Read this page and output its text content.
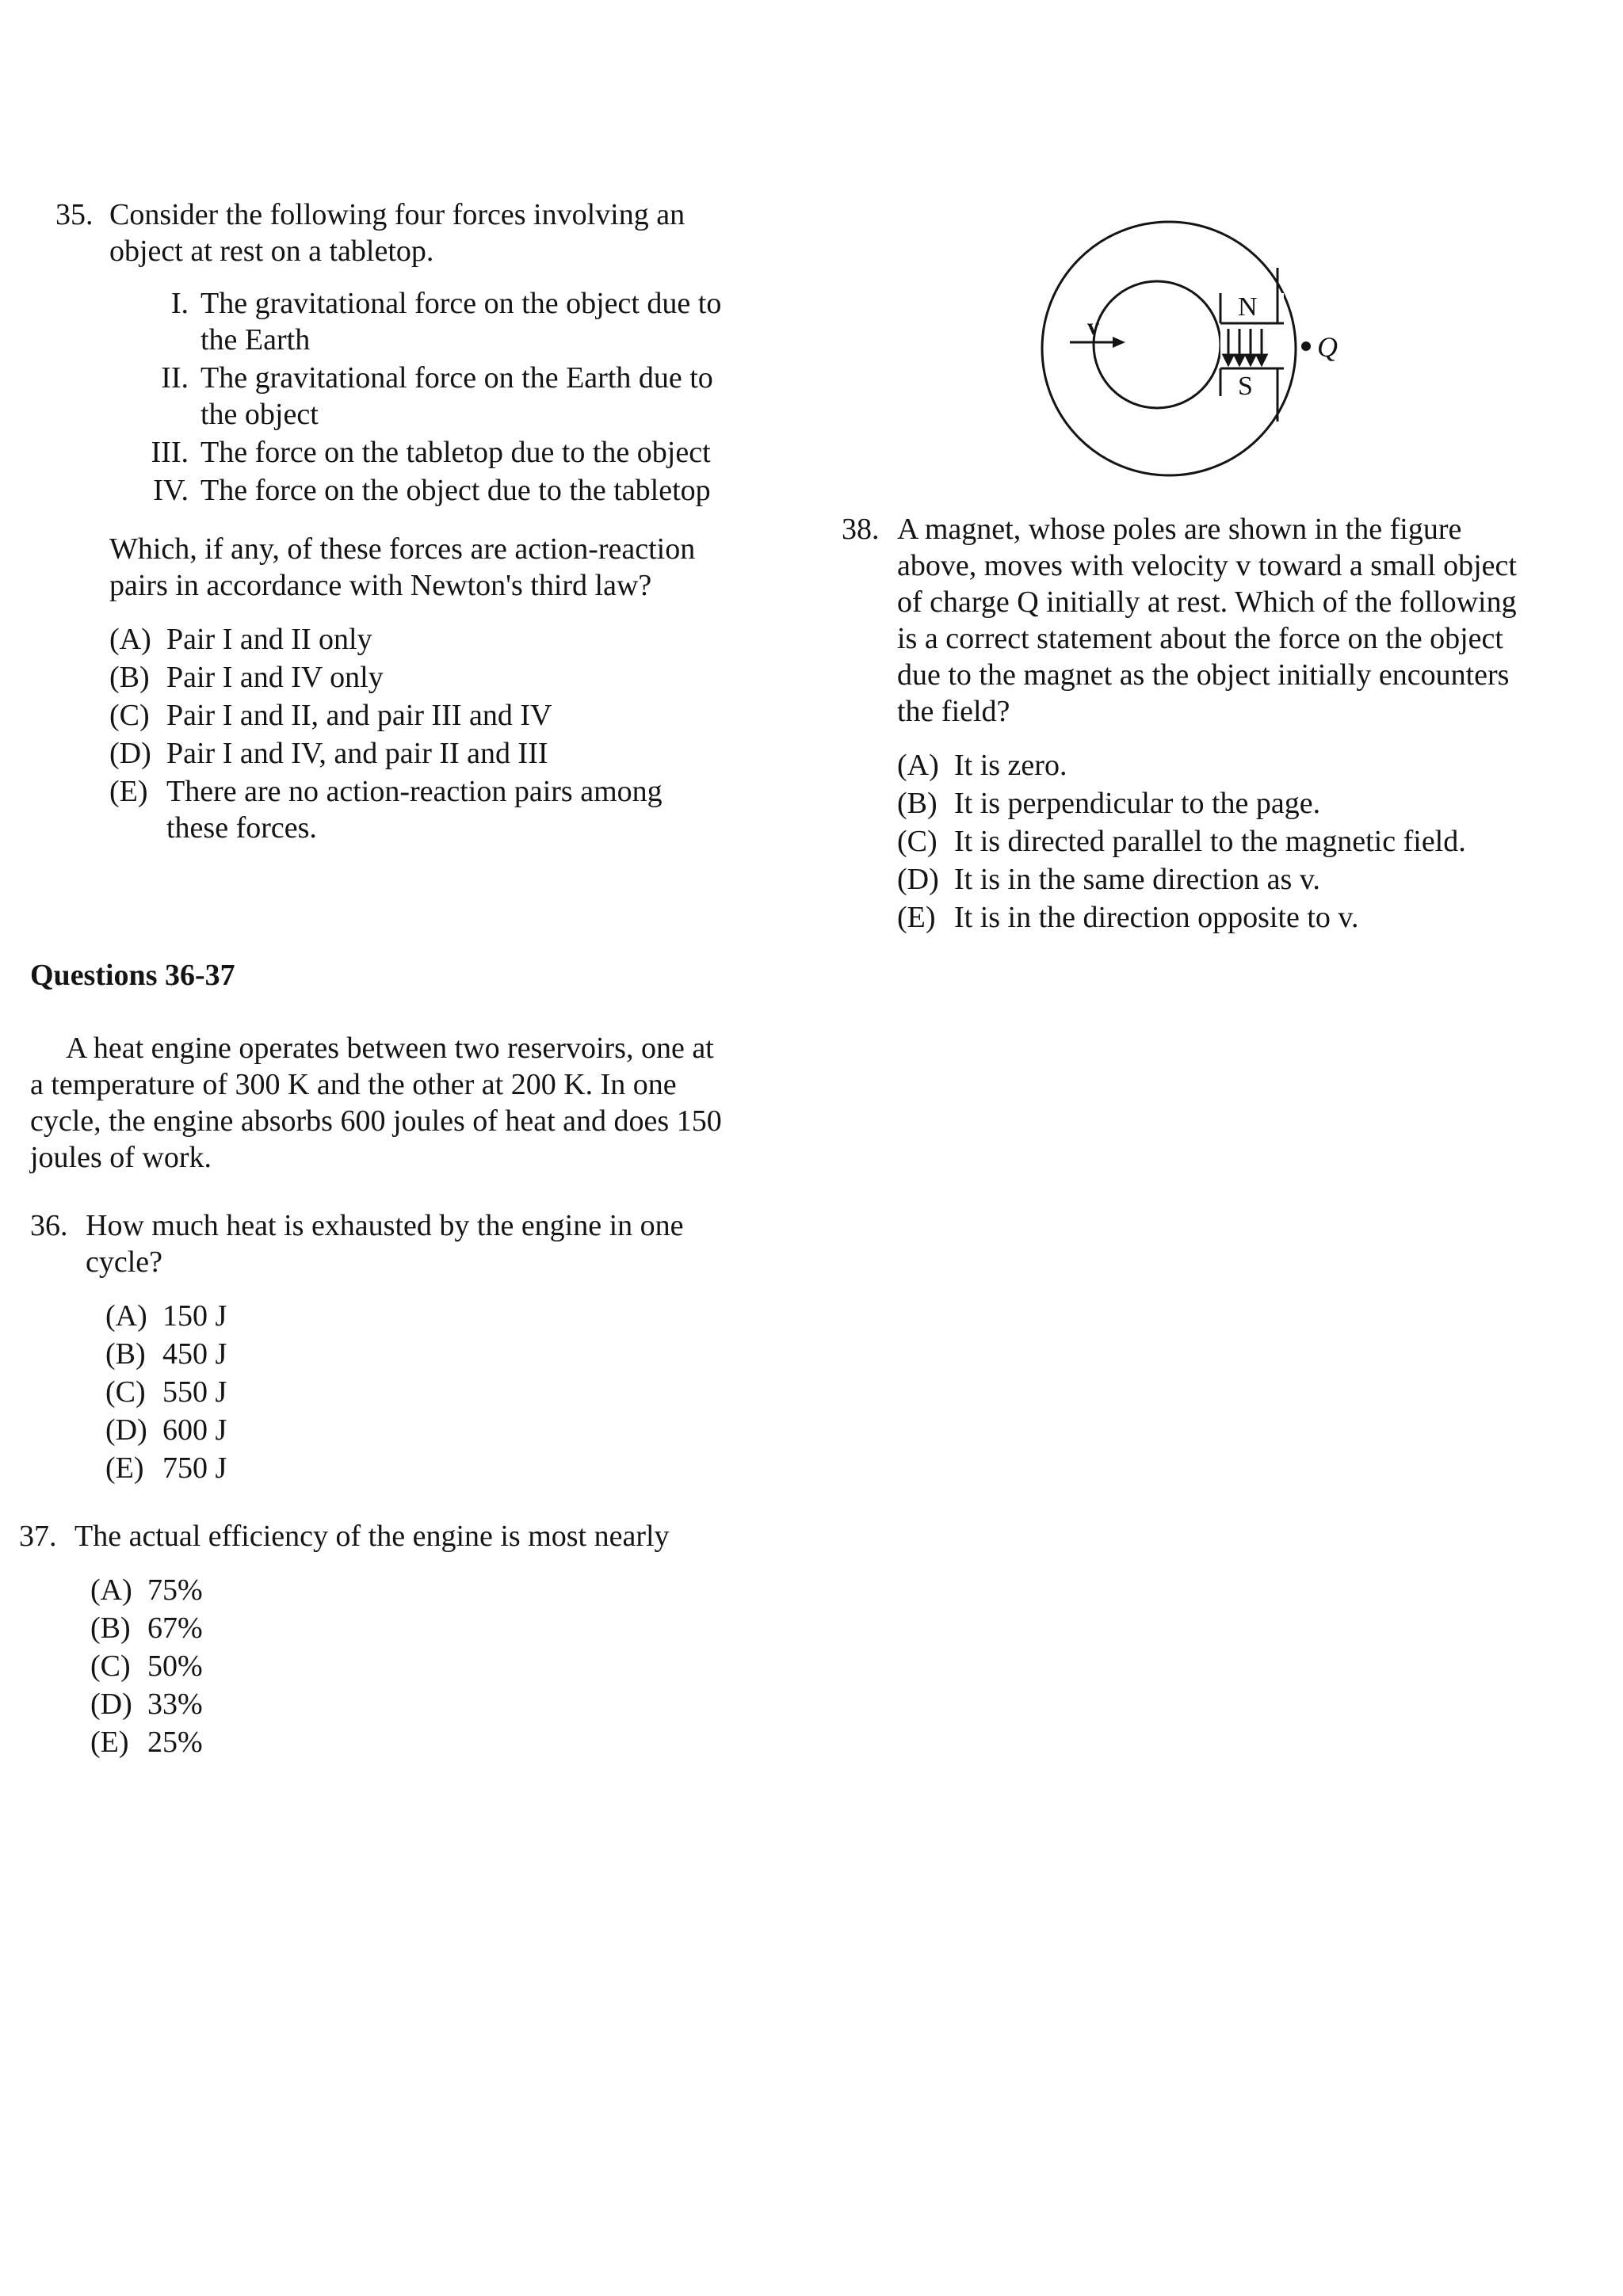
35. Consider the following four forces involving an object at rest on a tabletop.
I. The gravitational force on the object due to the Earth
II. The gravitational force on the Earth due to the object
III. The force on the tabletop due to the object
IV. The force on the object due to the tabletop
Which, if any, of these forces are action-reaction pairs in accordance with Newton's third law?
(A) Pair I and II only
(B) Pair I and IV only
(C) Pair I and II, and pair III and IV
(D) Pair I and IV, and pair II and III
(E) There are no action-reaction pairs among these forces.
Questions 36-37
A heat engine operates between two reservoirs, one at a temperature of 300 K and the other at 200 K. In one cycle, the engine absorbs 600 joules of heat and does 150 joules of work.
36. How much heat is exhausted by the engine in one cycle?
(A) 150 J
(B) 450 J
(C) 550 J
(D) 600 J
(E) 750 J
37. The actual efficiency of the engine is most nearly
(A) 75%
(B) 67%
(C) 50%
(D) 33%
(E) 25%
N
S
v
Q
38. A magnet, whose poles are shown in the figure above, moves with velocity v toward a small object of charge Q initially at rest. Which of the following is a correct statement about the force on the object due to the magnet as the object initially encounters the field?
(A) It is zero.
(B) It is perpendicular to the page.
(C) It is directed parallel to the magnetic field.
(D) It is in the same direction as v.
(E) It is in the direction opposite to v.
